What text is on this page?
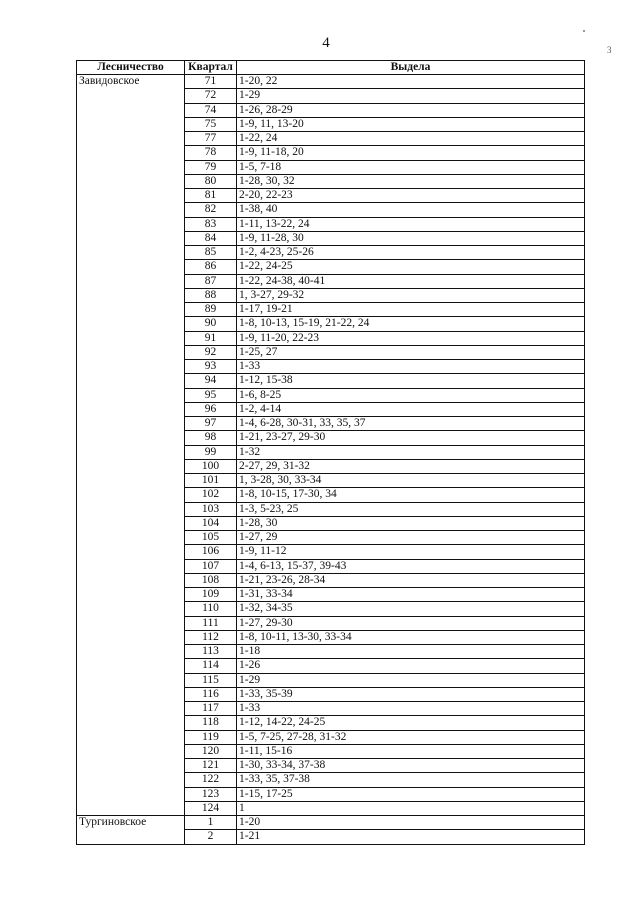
4	3
Лесничество	Квартал	Выдела
Завидовское	71	1-20, 22
	72	1-29
	74	1-26, 28-29
	75	1-9, 11, 13-20
	77	1-22, 24
	78	1-9, 11-18, 20
	79	1-5, 7-18
	80	1-28, 30, 32
	81	2-20, 22-23
	82	1-38, 40
	83	1-11, 13-22, 24
	84	1-9, 11-28, 30
	85	1-2, 4-23, 25-26
	86	1-22, 24-25
	87	1-22, 24-38, 40-41
	88	1, 3-27, 29-32
	89	1-17, 19-21
	90	1-8, 10-13, 15-19, 21-22, 24
	91	1-9, 11-20, 22-23
	92	1-25, 27
	93	1-33
	94	1-12, 15-38
	95	1-6, 8-25
	96	1-2, 4-14
	97	1-4, 6-28, 30-31, 33, 35, 37
	98	1-21, 23-27, 29-30
	99	1-32
	100	2-27, 29, 31-32
	101	1, 3-28, 30, 33-34
	102	1-8, 10-15, 17-30, 34
	103	1-3, 5-23, 25
	104	1-28, 30
	105	1-27, 29
	106	1-9, 11-12
	107	1-4, 6-13, 15-37, 39-43
	108	1-21, 23-26, 28-34
	109	1-31, 33-34
	110	1-32, 34-35
	111	1-27, 29-30
	112	1-8, 10-11, 13-30, 33-34
	113	1-18
	114	1-26
	115	1-29
	116	1-33, 35-39
	117	1-33
	118	1-12, 14-22, 24-25
	119	1-5, 7-25, 27-28, 31-32
	120	1-11, 15-16
	121	1-30, 33-34, 37-38
	122	1-33, 35, 37-38
	123	1-15, 17-25
	124	1
Тургиновское	1	1-20
	2	1-21
